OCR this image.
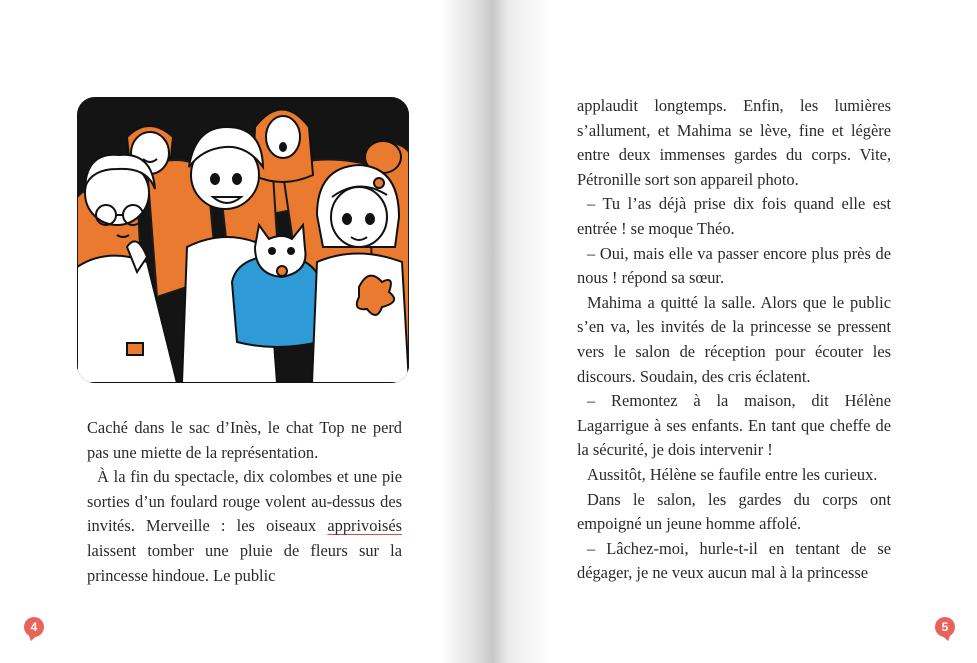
Caché dans le sac d’Inès, le chat Top ne perd pas une miette de la représentation.

À la fin du spectacle, dix colombes et une pie sorties d’un foulard rouge volent au-dessus des invités. Merveille : les oiseaux apprivoisés laissent tomber une pluie de fleurs sur la princesse hindoue. Le public

4

applaudit longtemps. Enfin, les lumières s’allument, et Mahima se lève, fine et légère entre deux immenses gardes du corps. Vite, Pétronille sort son appareil photo.

– Tu l’as déjà prise dix fois quand elle est entrée ! se moque Théo.

– Oui, mais elle va passer encore plus près de nous ! répond sa sœur.

Mahima a quitté la salle. Alors que le public s’en va, les invités de la princesse se pressent vers le salon de réception pour écouter les discours. Soudain, des cris éclatent.

– Remontez à la maison, dit Hélène Lagarrigue à ses enfants. En tant que cheffe de la sécurité, je dois intervenir !

Aussitôt, Hélène se faufile entre les curieux.

Dans le salon, les gardes du corps ont empoigné un jeune homme affolé.

– Lâchez-moi, hurle-t-il en tentant de se dégager, je ne veux aucun mal à la princesse

5
